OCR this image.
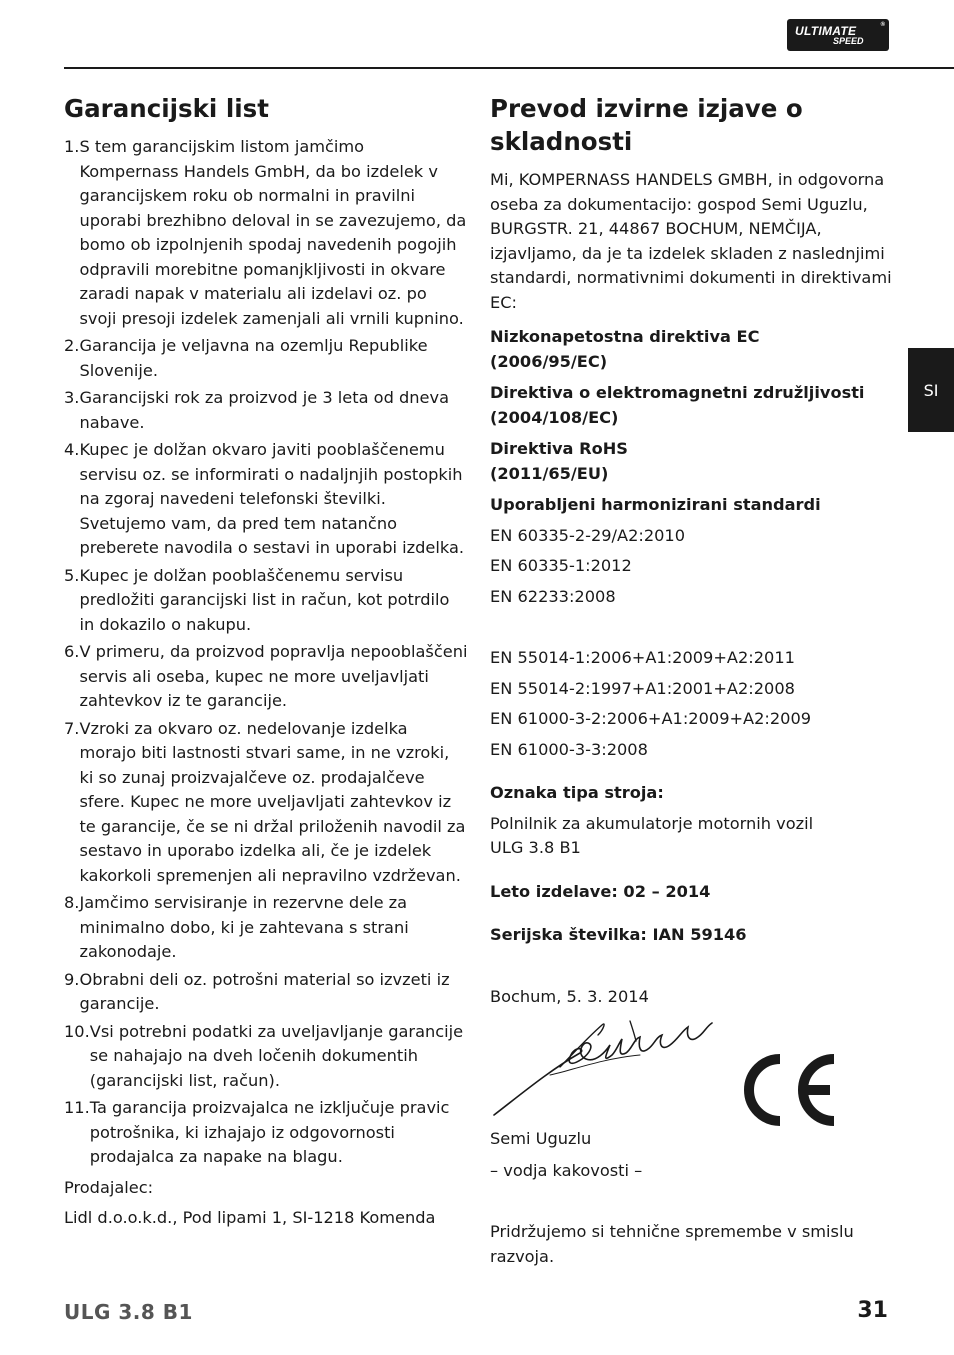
ULTIMATE
SPEED
®
SI
Garancijski list
1. S tem garancijskim listom jamčimo Kompernass Handels GmbH, da bo izdelek v garancijskem roku ob normalni in pravilni uporabi brezhibno deloval in se zavezujemo, da bomo ob izpolnjenih spodaj navedenih pogojih odpravili morebitne pomanjkljivosti in okvare zaradi napak v materialu ali izdelavi oz. po svoji presoji izdelek zamenjali ali vrnili kupnino.
2. Garancija je veljavna na ozemlju Republike Slovenije.
3. Garancijski rok za proizvod je 3 leta od dneva nabave.
4. Kupec je dolžan okvaro javiti pooblaščenemu servisu oz. se informirati o nadaljnjih postopkih na zgoraj navedeni telefonski številki. Svetujemo vam, da pred tem natančno preberete navodila o sestavi in uporabi izdelka.
5. Kupec je dolžan pooblaščenemu servisu predložiti garancijski list in račun, kot potrdilo in dokazilo o nakupu.
6. V primeru, da proizvod popravlja nepooblaščeni servis ali oseba, kupec ne more uveljavljati zahtevkov iz te garancije.
7. Vzroki za okvaro oz. nedelovanje izdelka morajo biti lastnosti stvari same, in ne vzroki, ki so zunaj proizvajalčeve oz. prodajalčeve sfere. Kupec ne more uveljavljati zahtevkov iz te garancije, če se ni držal priloženih navodil za sestavo in uporabo izdelka ali, če je izdelek kakorkoli spremenjen ali nepravilno vzdrževan.
8. Jamčimo servisiranje in rezervne dele za minimalno dobo, ki je zahtevana s strani zakonodaje.
9. Obrabni deli oz. potrošni material so izvzeti iz garancije.
10. Vsi potrebni podatki za uveljavljanje garancije se nahajajo na dveh ločenih dokumentih (garancijski list, račun).
11. Ta garancija proizvajalca ne izključuje pravic potrošnika, ki izhajajo iz odgovornosti prodajalca za napake na blagu.

Prodajalec:

Lidl d.o.o.k.d., Pod lipami 1, SI-1218 Komenda

Prevod izvirne izjave o skladnosti

Mi, KOMPERNASS HANDELS GMBH, in odgovorna oseba za dokumentacijo: gospod Semi Uguzlu, BURGSTR. 21, 44867 BOCHUM, NEMČIJA, izjavljamo, da je ta izdelek skladen z naslednjimi standardi, normativnimi dokumenti in direktivami EC:

Nizkonapetostna direktiva EC

(2006/95/EC)

Direktiva o elektromagnetni združljivosti

(2004/108/EC)

Direktiva RoHS

(2011/65/EU)

Uporabljeni harmonizirani standardi

EN 60335-2-29/A2:2010

EN 60335-1:2012

EN 62233:2008

EN 55014-1:2006+A1:2009+A2:2011

EN 55014-2:1997+A1:2001+A2:2008

EN 61000-3-2:2006+A1:2009+A2:2009

EN 61000-3-3:2008

Oznaka tipa stroja:

Polnilnik za akumulatorje motornih vozil

ULG 3.8 B1

Leto izdelave: 02 – 2014

Serijska številka: IAN 59146

Bochum, 5. 3. 2014

Semi Uguzlu

– vodja kakovosti –

Pridržujemo si tehnične spremembe v smislu razvoja.

ULG 3.8 B1	31
